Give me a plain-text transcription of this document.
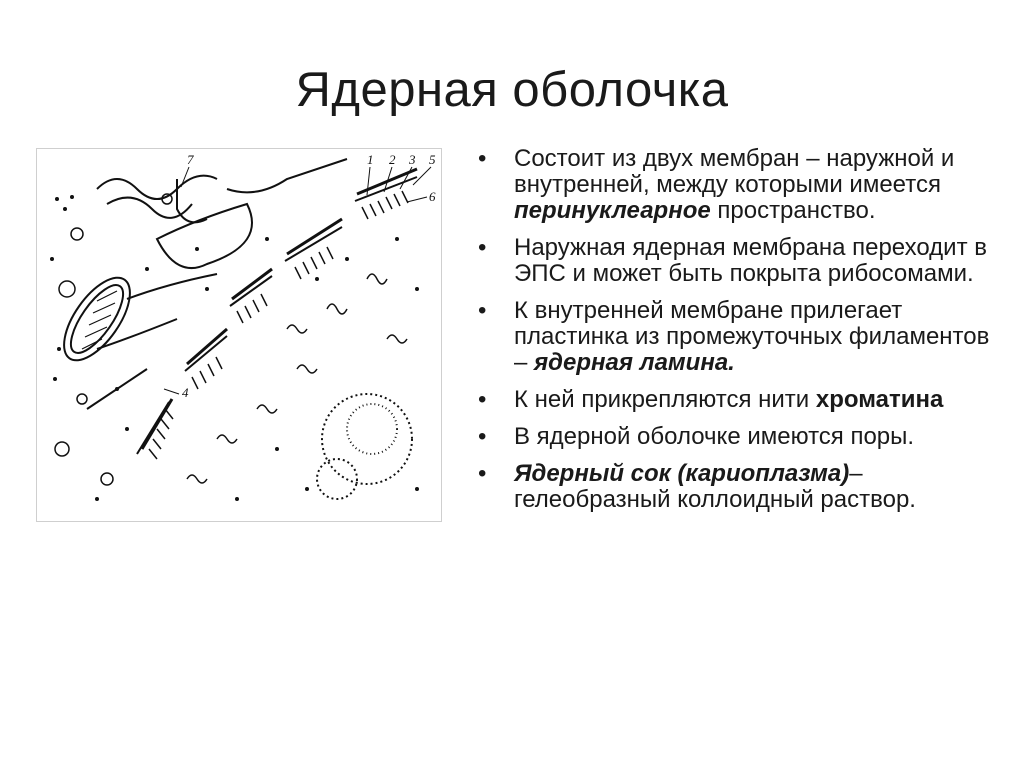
Ядерная оболочка
7	1 2 3 5
6
4
• Состоит из двух мембран – наружной и внутренней, между которыми имеется перинуклеарное пространство.
• Наружная ядерная мембрана переходит в ЭПС и может быть покрыта рибосомами.
• К внутренней мембране прилегает пластинка из промежуточных филаментов – ядерная ламина.
• К ней прикрепляются нити хроматина
• В ядерной оболочке имеются поры.
• Ядерный сок (кариоплазма)– гелеобразный коллоидный раствор.
